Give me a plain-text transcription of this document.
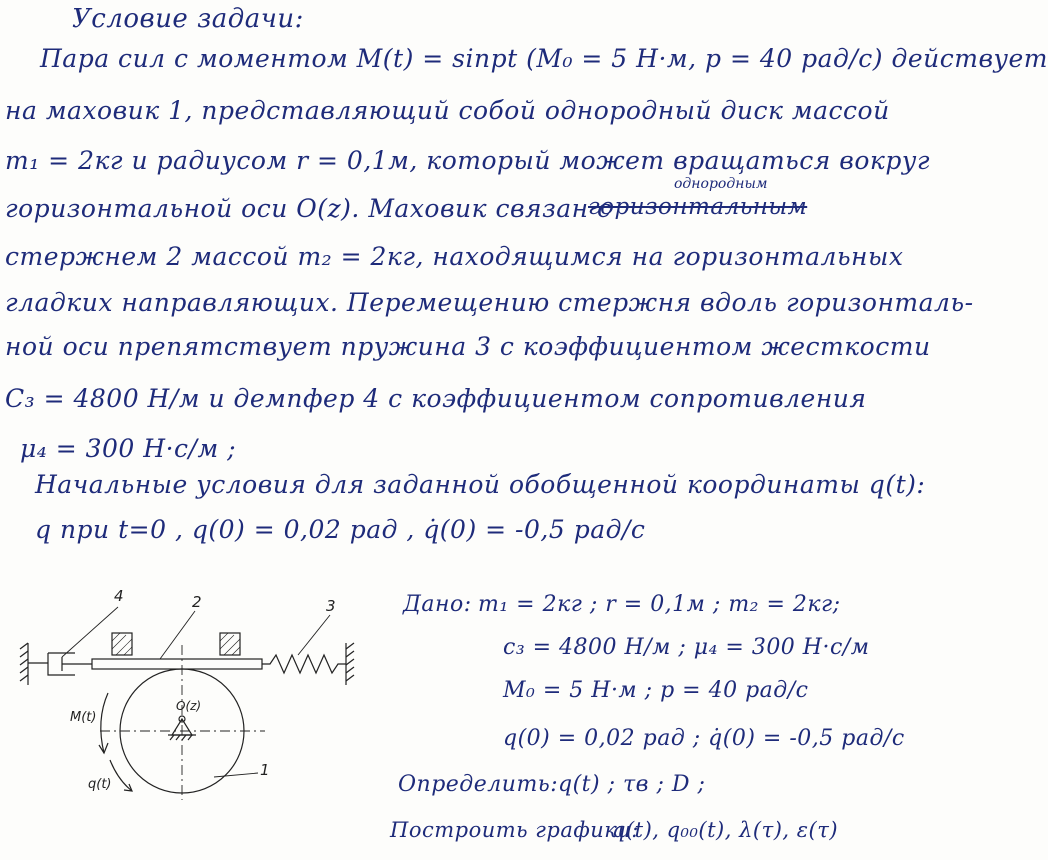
Условие задачи:
Пара сил с моментом M(t) = sinpt (M₀ = 5 Н·м, p = 40 рад/с) действует
на маховик 1, представляющий собой однородный диск массой
m₁ = 2кг и радиусом r = 0,1м, который может вращаться вокруг
горизонтальной оси O(z). Маховик связан с
горизонтальным
однородным
стержнем 2 массой m₂ = 2кг, находящимся на горизонтальных
гладких направляющих. Перемещению стержня вдоль горизонталь-
ной оси препятствует пружина 3 с коэффициентом жесткости
C₃ = 4800 Н/м и демпфер 4 с коэффициентом сопротивления
μ₄ = 300 Н·с/м ;
Начальные условия для заданной обобщенной координаты q(t):
q при t=0 , q(0) = 0,02 рад , q̇(0) = -0,5 рад/с
Дано: m₁ = 2кг ; r = 0,1м ; m₂ = 2кг;
c₃ = 4800 Н/м ; μ₄ = 300 Н·с/м
M₀ = 5 Н·м ; p = 40 рад/с
q(0) = 0,02 рад ; q̇(0) = -0,5 рад/с
Определить: q(t) ; τв ; D ;
Построить графики:
q(t), q₀₀(t), λ(τ), ε(τ)
4	2	3
1
O(z)
M(t)
q(t)
